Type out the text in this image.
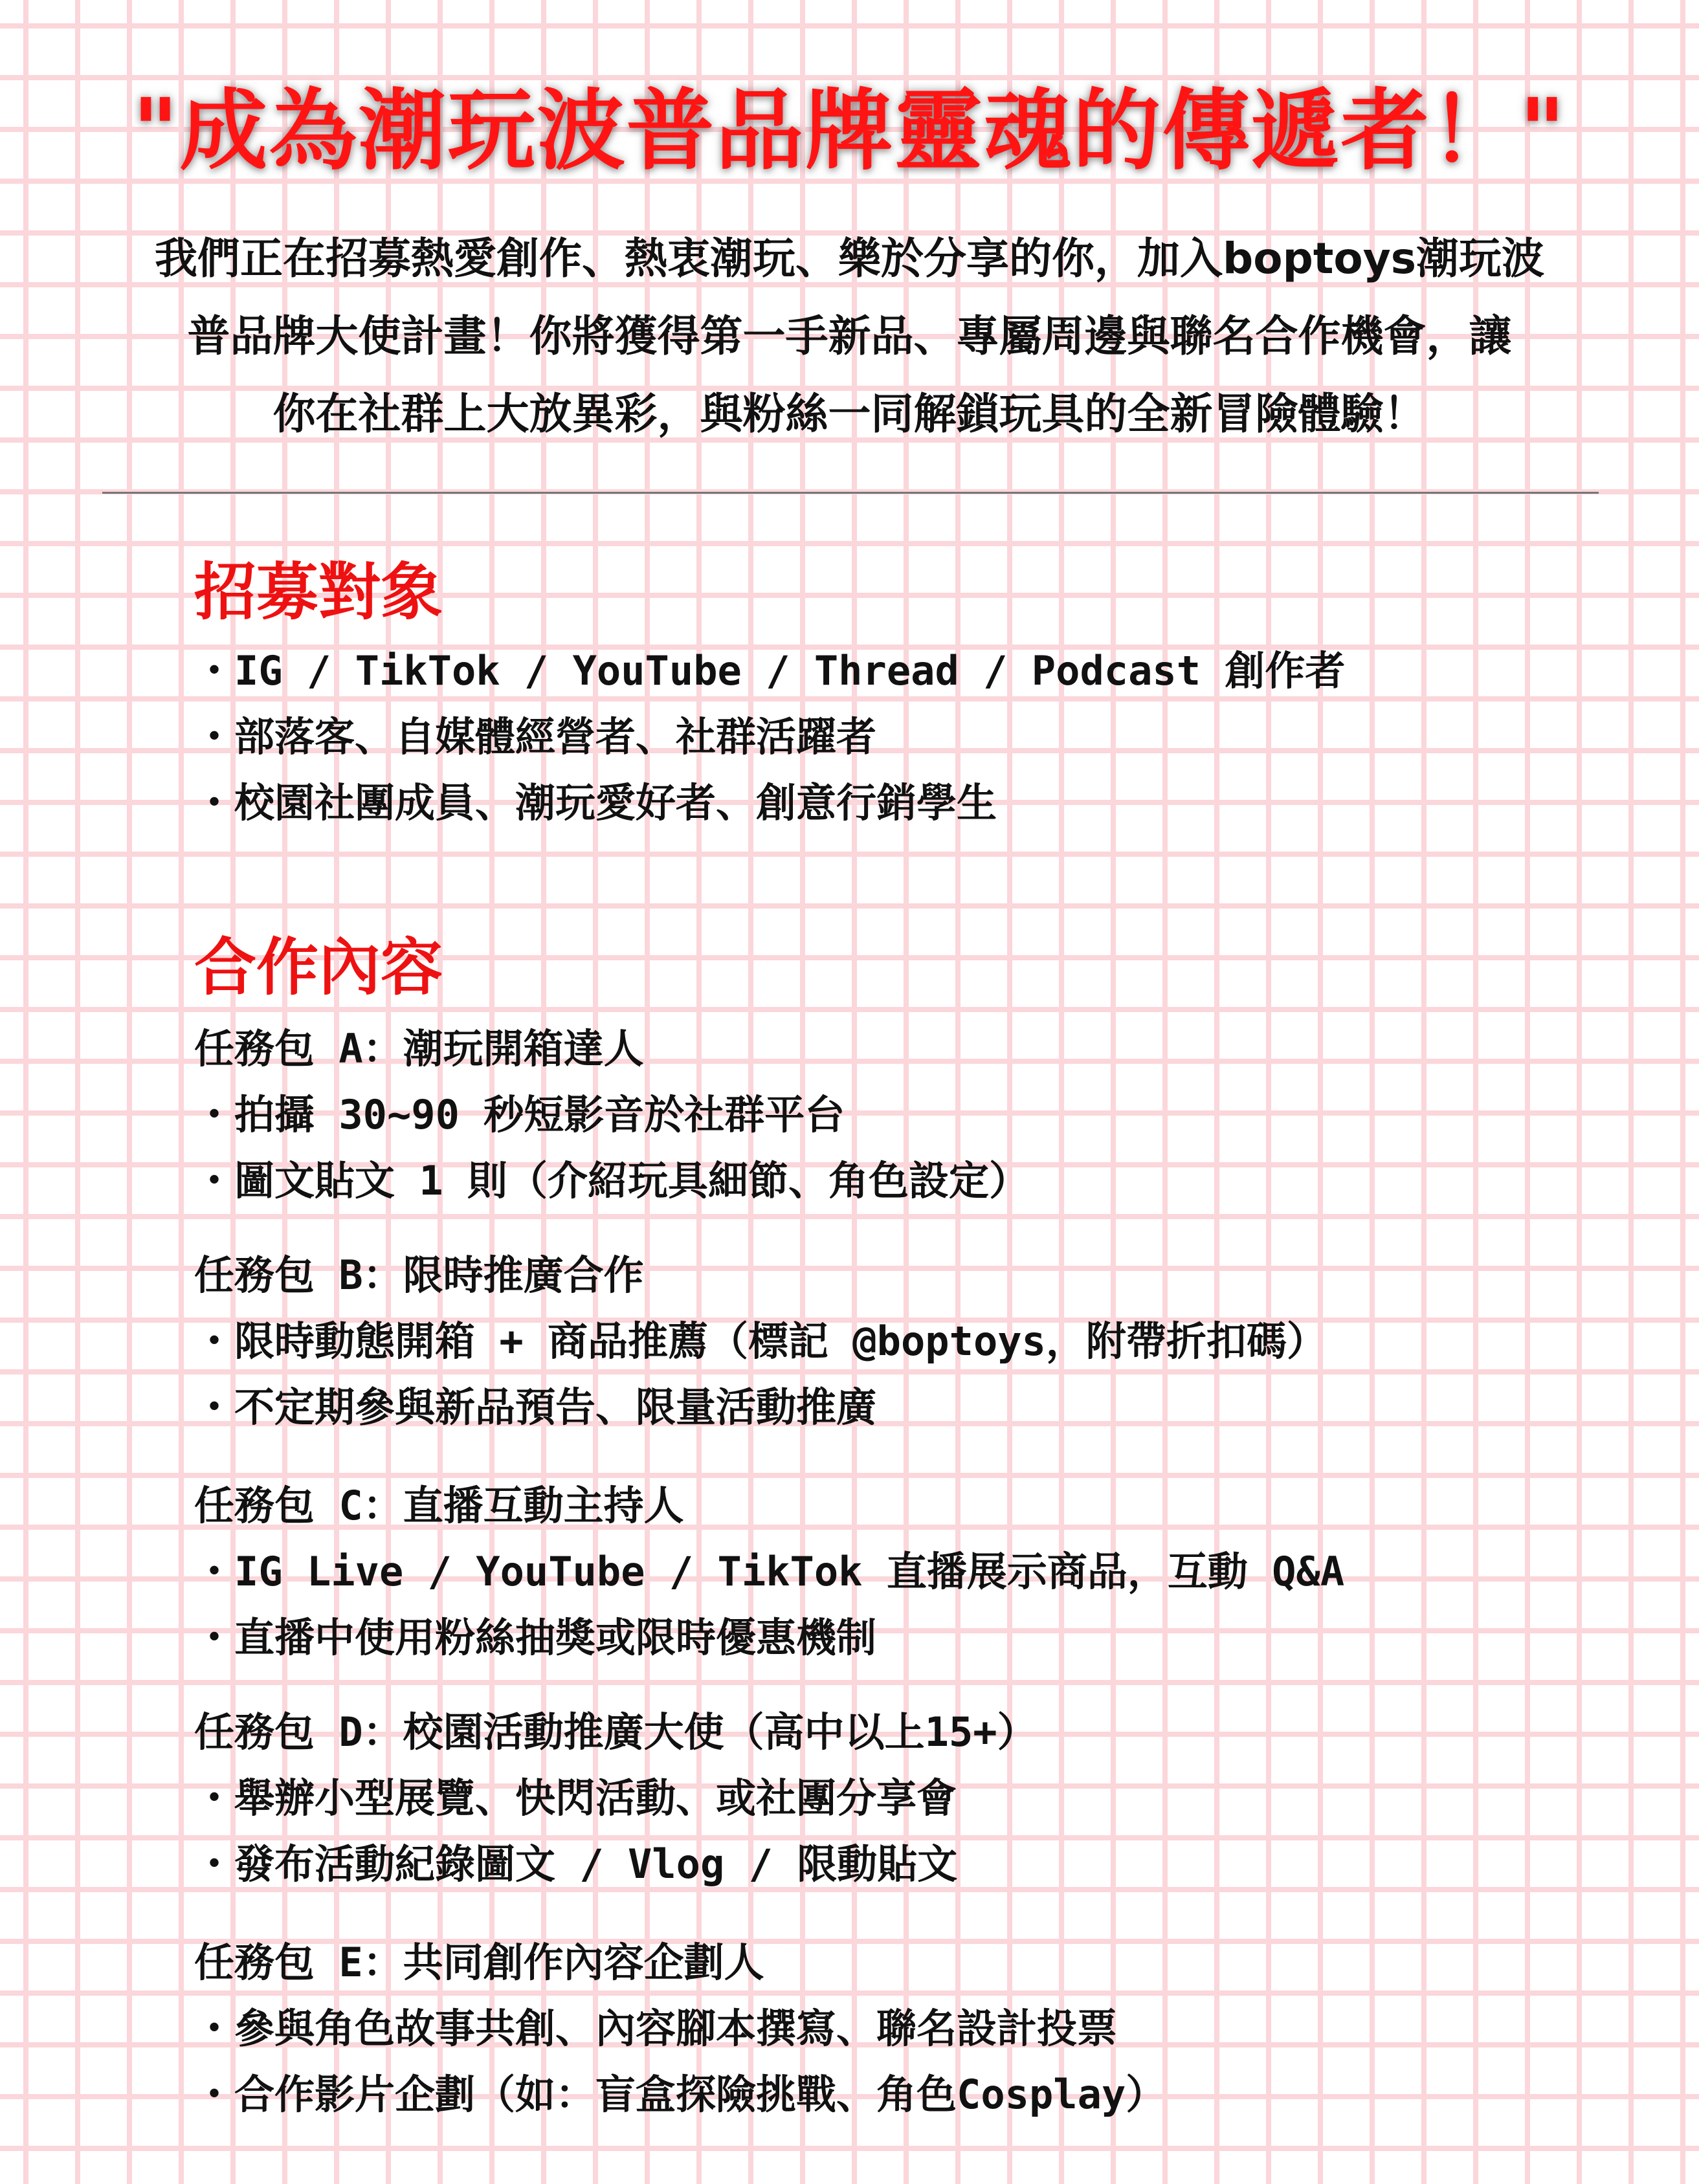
"成為潮玩波普品牌靈魂的傳遞者！"

我們正在招募熱愛創作、熱衷潮玩、樂於分享的你，加入boptoys潮玩波

普品牌大使計畫！你將獲得第一手新品、專屬周邊與聯名合作機會，讓

你在社群上大放異彩，與粉絲一同解鎖玩具的全新冒險體驗！

招募對象

・IG / TikTok / YouTube / Thread / Podcast 創作者

・部落客、自媒體經營者、社群活躍者

・校園社團成員、潮玩愛好者、創意行銷學生

合作內容

任務包 A：潮玩開箱達人

・拍攝 30~90 秒短影音於社群平台

・圖文貼文 1 則（介紹玩具細節、角色設定）

任務包 B：限時推廣合作

・限時動態開箱 + 商品推薦（標記 @boptoys，附帶折扣碼）

・不定期參與新品預告、限量活動推廣

任務包 C：直播互動主持人

・IG Live / YouTube / TikTok 直播展示商品，互動 Q&A

・直播中使用粉絲抽獎或限時優惠機制

任務包 D：校園活動推廣大使（高中以上15+）

・舉辦小型展覽、快閃活動、或社團分享會

・發布活動紀錄圖文 / Vlog / 限動貼文

任務包 E：共同創作內容企劃人

・參與角色故事共創、內容腳本撰寫、聯名設計投票

・合作影片企劃（如：盲盒探險挑戰、角色Cosplay）
